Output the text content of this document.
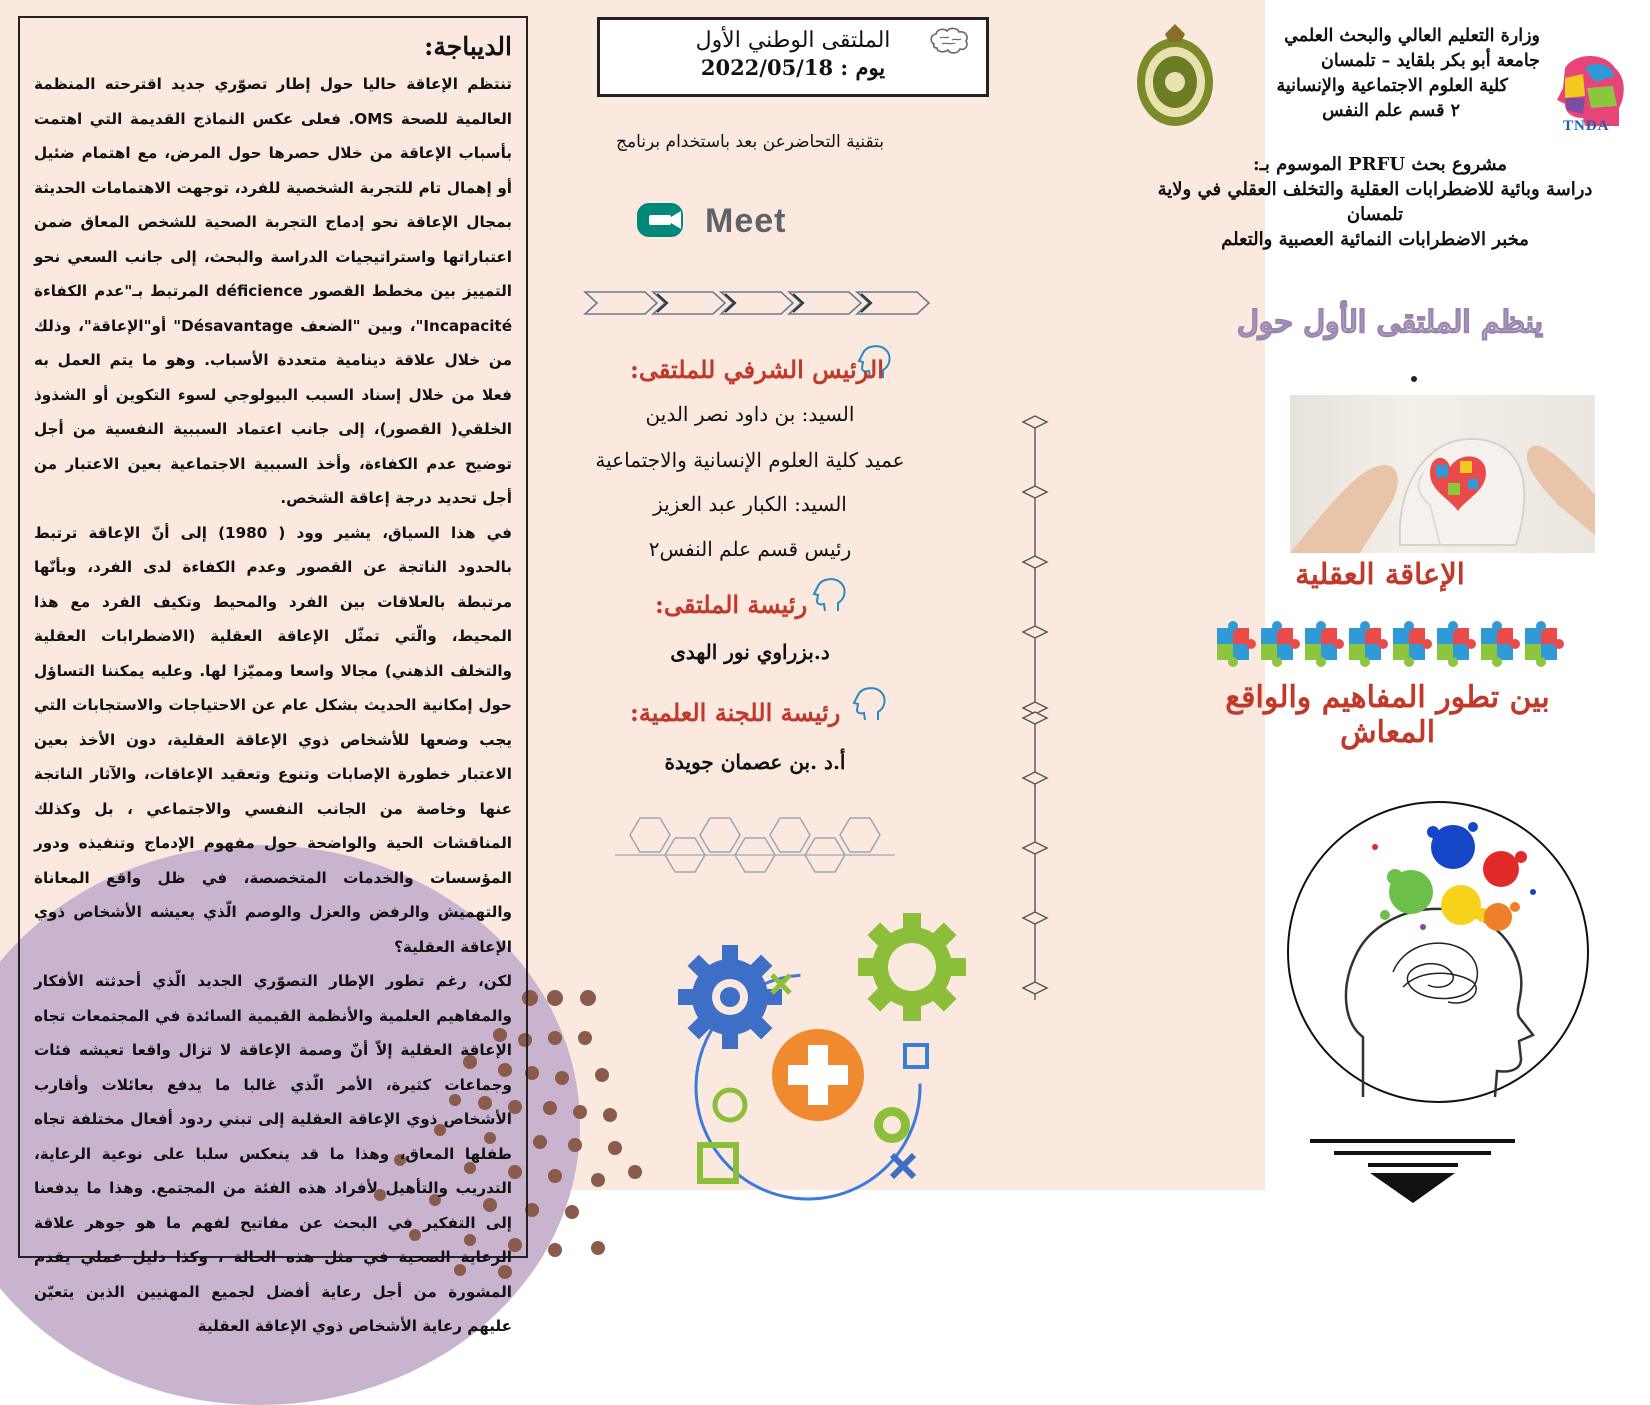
الديباجة:

تنتظم الإعاقة حاليا حول إطار تصوّري جديد اقترحته المنظمة العالمية للصحة OMS. فعلى عكس النماذج القديمة التي اهتمت بأسباب الإعاقة من خلال حصرها حول المرض، مع اهتمام ضئيل أو إهمال تام للتجربة الشخصية للفرد، توجهت الاهتمامات الحديثة بمجال الإعاقة نحو إدماج التجربة الصحية للشخص المعاق ضمن اعتباراتها واستراتيجيات الدراسة والبحث، إلى جانب السعي نحو التمييز بين مخطط القصور déficience المرتبط بـ"عدم الكفاءة Incapacité"، وبين "الضعف Désavantage" أو"الإعاقة"، وذلك من خلال علاقة دينامية متعددة الأسباب. وهو ما يتم العمل به فعلا من خلال إسناد السبب البيولوجي لسوء التكوين أو الشذوذ الخلقي( القصور)، إلى جانب اعتماد السببية النفسية من أجل توضيح عدم الكفاءة، وأخذ السببية الاجتماعية بعين الاعتبار من أجل تحديد درجة إعاقة الشخص.

في هذا السياق، يشير وود ( 1980) إلى أنّ الإعاقة ترتبط بالحدود الناتجة عن القصور وعدم الكفاءة لدى الفرد، وبأنّها مرتبطة بالعلاقات بين الفرد والمحيط وتكيف الفرد مع هذا المحيط، والّتي تمثّل الإعاقة العقلية (الاضطرابات العقلية والتخلف الذهني) مجالا واسعا ومميّزا لها. وعليه يمكننا التساؤل حول إمكانية الحديث بشكل عام عن الاحتياجات والاستجابات التي يجب وضعها للأشخاص ذوي الإعاقة العقلية، دون الأخذ بعين الاعتبار خطورة الإصابات وتنوع وتعقيد الإعاقات، والآثار الناتجة عنها وخاصة من الجانب النفسي والاجتماعي ، بل وكذلك المناقشات الحية والواضحة حول مفهوم الإدماج وتنفيذه ودور المؤسسات والخدمات المتخصصة، في ظل واقع المعاناة والتهميش والرفض والعزل والوصم الّذي يعيشه الأشخاص ذوي الإعاقة العقلية؟

لكن، رغم تطور الإطار التصوّري الجديد الّذي أحدثته الأفكار والمفاهيم العلمية والأنظمة القيمية السائدة في المجتمعات تجاه الإعاقة العقلية إلاّ أنّ وصمة الإعاقة لا تزال واقعا تعيشه فئات وجماعات كثيرة، الأمر الّذي غالبا ما يدفع بعائلات وأقارب الأشخاص ذوي الإعاقة العقلية إلى تبني ردود أفعال مختلفة تجاه طفلها المعاق، وهذا ما قد ينعكس سلبا على نوعية الرعاية، التدريب والتأهيل لأفراد هذه الفئة من المجتمع. وهذا ما يدفعنا إلى التفكير في البحث عن مفاتيح لفهم ما هو جوهر علاقة الرعاية الصحية في مثل هذه الحالة ، وكذا دليل عملي يقدم المشورة من أجل رعاية أفضل لجميع المهنيين الذين يتعيّن عليهم رعاية الأشخاص ذوي الإعاقة العقلية

الملتقى الوطني الأول
يوم : 2022/05/18
بتقنية التحاضرعن بعد باستخدام برنامج
Meet
الرئيس الشرفي للملتقى:
السيد: بن داود نصر الدين
عميد كلية العلوم الإنسانية والاجتماعية
السيد: الكبار عبد العزيز
رئيس قسم علم النفس٢
رئيسة الملتقى:
د.بزراوي نور الهدى
رئيسة اللجنة العلمية:
أ.د .بن عصمان جويدة
وزارة التعليم العالي والبحث العلمي
جامعة أبو بكر بلقايد – تلمسان
كلية العلوم الاجتماعية والإنسانية
٢ قسم علم النفس
TNDA
مشروع بحث PRFU الموسوم بـ:
دراسة وبائية للاضطرابات العقلية والتخلف العقلي في ولاية تلمسان
مخبر الاضطرابات النمائية العصبية والتعلم
ينظم الملتقى الأول حول
الإعاقة العقلية
بين تطور المفاهيم والواقع المعاش
